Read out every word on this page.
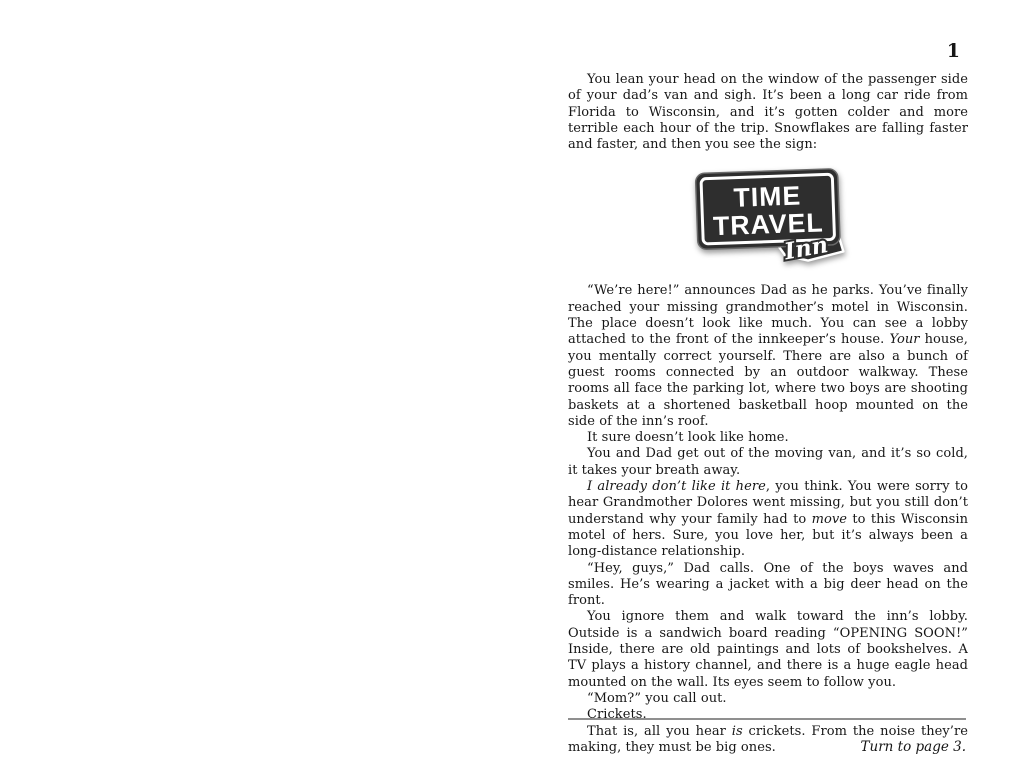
1

You lean your head on the window of the passenger side of your dad’s van and sigh. It’s been a long car ride from Florida to Wisconsin, and it’s gotten colder and more terrible each hour of the trip. Snowflakes are falling faster and faster, and then you see the sign:

TIME
TRAVEL
Inn

“We’re here!” announces Dad as he parks. You’ve finally reached your missing grandmother’s motel in Wisconsin. The place doesn’t look like much. You can see a lobby attached to the front of the innkeeper’s house. Your house, you mentally correct yourself. There are also a bunch of guest rooms connected by an outdoor walkway. These rooms all face the parking lot, where two boys are shooting baskets at a shortened basketball hoop mounted on the side of the inn’s roof.

It sure doesn’t look like home.

You and Dad get out of the moving van, and it’s so cold, it takes your breath away.

I already don’t like it here, you think. You were sorry to hear Grandmother Dolores went missing, but you still don’t understand why your family had to move to this Wisconsin motel of hers. Sure, you love her, but it’s always been a long-distance relationship.

“Hey, guys,” Dad calls. One of the boys waves and smiles. He’s wearing a jacket with a big deer head on the front.

You ignore them and walk toward the inn’s lobby. Outside is a sandwich board reading “OPENING SOON!” Inside, there are old paintings and lots of bookshelves. A TV plays a history channel, and there is a huge eagle head mounted on the wall. Its eyes seem to follow you.

“Mom?” you call out.

Crickets.

That is, all you hear is crickets. From the noise they’re making, they must be big ones.	Turn to page 3.
